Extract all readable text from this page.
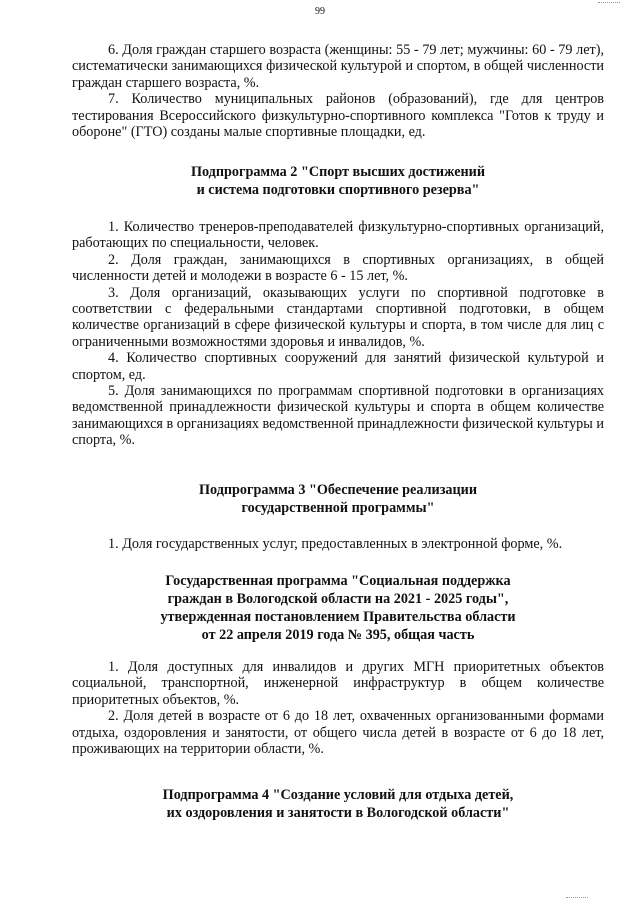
99

6. Доля граждан старшего возраста (женщины: 55 - 79 лет; мужчины: 60 - 79 лет), систематически занимающихся физической культурой и спортом, в общей численности граждан старшего возраста, %.

7. Количество муниципальных районов (образований), где для центров тестирования Всероссийского физкультурно-спортивного комплекса "Готов к труду и обороне" (ГТО) созданы малые спортивные площадки, ед.

Подпрограмма 2 "Спорт высших достижений
и система подготовки спортивного резерва"

1. Количество тренеров-преподавателей физкультурно-спортивных организаций, работающих по специальности, человек.

2. Доля граждан, занимающихся в спортивных организациях, в общей численности детей и молодежи в возрасте 6 - 15 лет, %.

3. Доля организаций, оказывающих услуги по спортивной подготовке в соответствии с федеральными стандартами спортивной подготовки, в общем количестве организаций в сфере физической культуры и спорта, в том числе для лиц с ограниченными возможностями здоровья и инвалидов, %.

4. Количество спортивных сооружений для занятий физической культурой и спортом, ед.

5. Доля занимающихся по программам спортивной подготовки в организациях ведомственной принадлежности физической культуры и спорта в общем количестве занимающихся в организациях ведомственной принадлежности физической культуры и спорта, %.

Подпрограмма 3 "Обеспечение реализации
государственной программы"

1. Доля государственных услуг, предоставленных в электронной форме, %.

Государственная программа "Социальная поддержка
граждан в Вологодской области на 2021 - 2025 годы",
утвержденная постановлением Правительства области
от 22 апреля 2019 года № 395, общая часть

1. Доля доступных для инвалидов и других МГН приоритетных объектов социальной, транспортной, инженерной инфраструктур в общем количестве приоритетных объектов, %.

2. Доля детей в возрасте от 6 до 18 лет, охваченных организованными формами отдыха, оздоровления и занятости, от общего числа детей в возрасте от 6 до 18 лет, проживающих на территории области, %.

Подпрограмма 4 "Создание условий для отдыха детей,
их оздоровления и занятости в Вологодской области"
